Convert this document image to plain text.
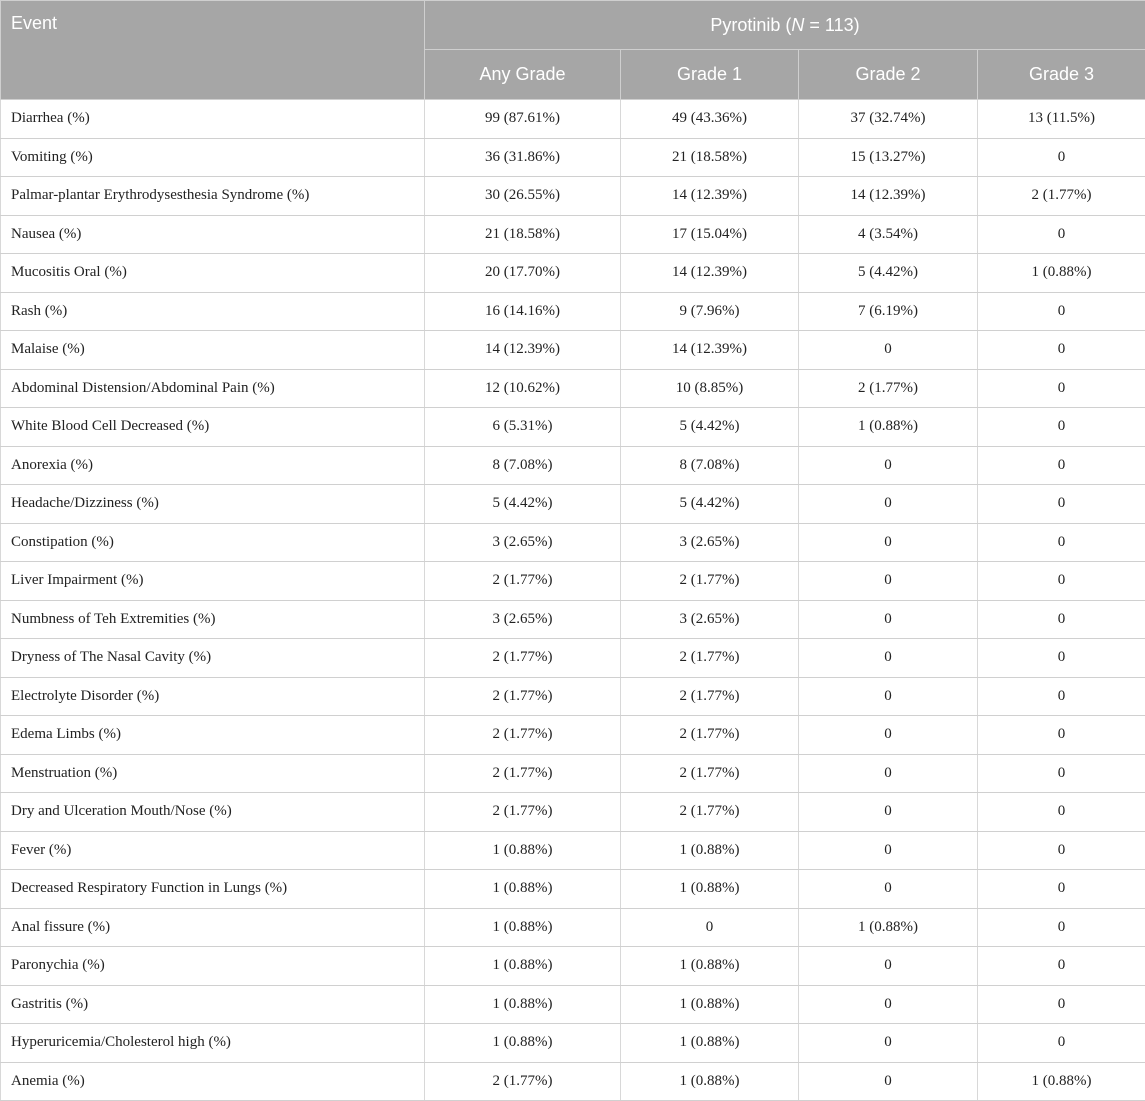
Event	Pyrotinib (N = 113)			
	Any Grade	Grade 1	Grade 2	Grade 3
Diarrhea (%)	99 (87.61%)	49 (43.36%)	37 (32.74%)	13 (11.5%)
Vomiting (%)	36 (31.86%)	21 (18.58%)	15 (13.27%)	0
Palmar-plantar Erythrodysesthesia Syndrome (%)	30 (26.55%)	14 (12.39%)	14 (12.39%)	2 (1.77%)
Nausea (%)	21 (18.58%)	17 (15.04%)	4 (3.54%)	0
Mucositis Oral (%)	20 (17.70%)	14 (12.39%)	5 (4.42%)	1 (0.88%)
Rash (%)	16 (14.16%)	9 (7.96%)	7 (6.19%)	0
Malaise (%)	14 (12.39%)	14 (12.39%)	0	0
Abdominal Distension/Abdominal Pain (%)	12 (10.62%)	10 (8.85%)	2 (1.77%)	0
White Blood Cell Decreased (%)	6 (5.31%)	5 (4.42%)	1 (0.88%)	0
Anorexia (%)	8 (7.08%)	8 (7.08%)	0	0
Headache/Dizziness (%)	5 (4.42%)	5 (4.42%)	0	0
Constipation (%)	3 (2.65%)	3 (2.65%)	0	0
Liver Impairment (%)	2 (1.77%)	2 (1.77%)	0	0
Numbness of Teh Extremities (%)	3 (2.65%)	3 (2.65%)	0	0
Dryness of The Nasal Cavity (%)	2 (1.77%)	2 (1.77%)	0	0
Electrolyte Disorder (%)	2 (1.77%)	2 (1.77%)	0	0
Edema Limbs (%)	2 (1.77%)	2 (1.77%)	0	0
Menstruation (%)	2 (1.77%)	2 (1.77%)	0	0
Dry and Ulceration Mouth/Nose (%)	2 (1.77%)	2 (1.77%)	0	0
Fever (%)	1 (0.88%)	1 (0.88%)	0	0
Decreased Respiratory Function in Lungs (%)	1 (0.88%)	1 (0.88%)	0	0
Anal fissure (%)	1 (0.88%)	0	1 (0.88%)	0
Paronychia (%)	1 (0.88%)	1 (0.88%)	0	0
Gastritis (%)	1 (0.88%)	1 (0.88%)	0	0
Hyperuricemia/Cholesterol high (%)	1 (0.88%)	1 (0.88%)	0	0
Anemia (%)	2 (1.77%)	1 (0.88%)	0	1 (0.88%)
